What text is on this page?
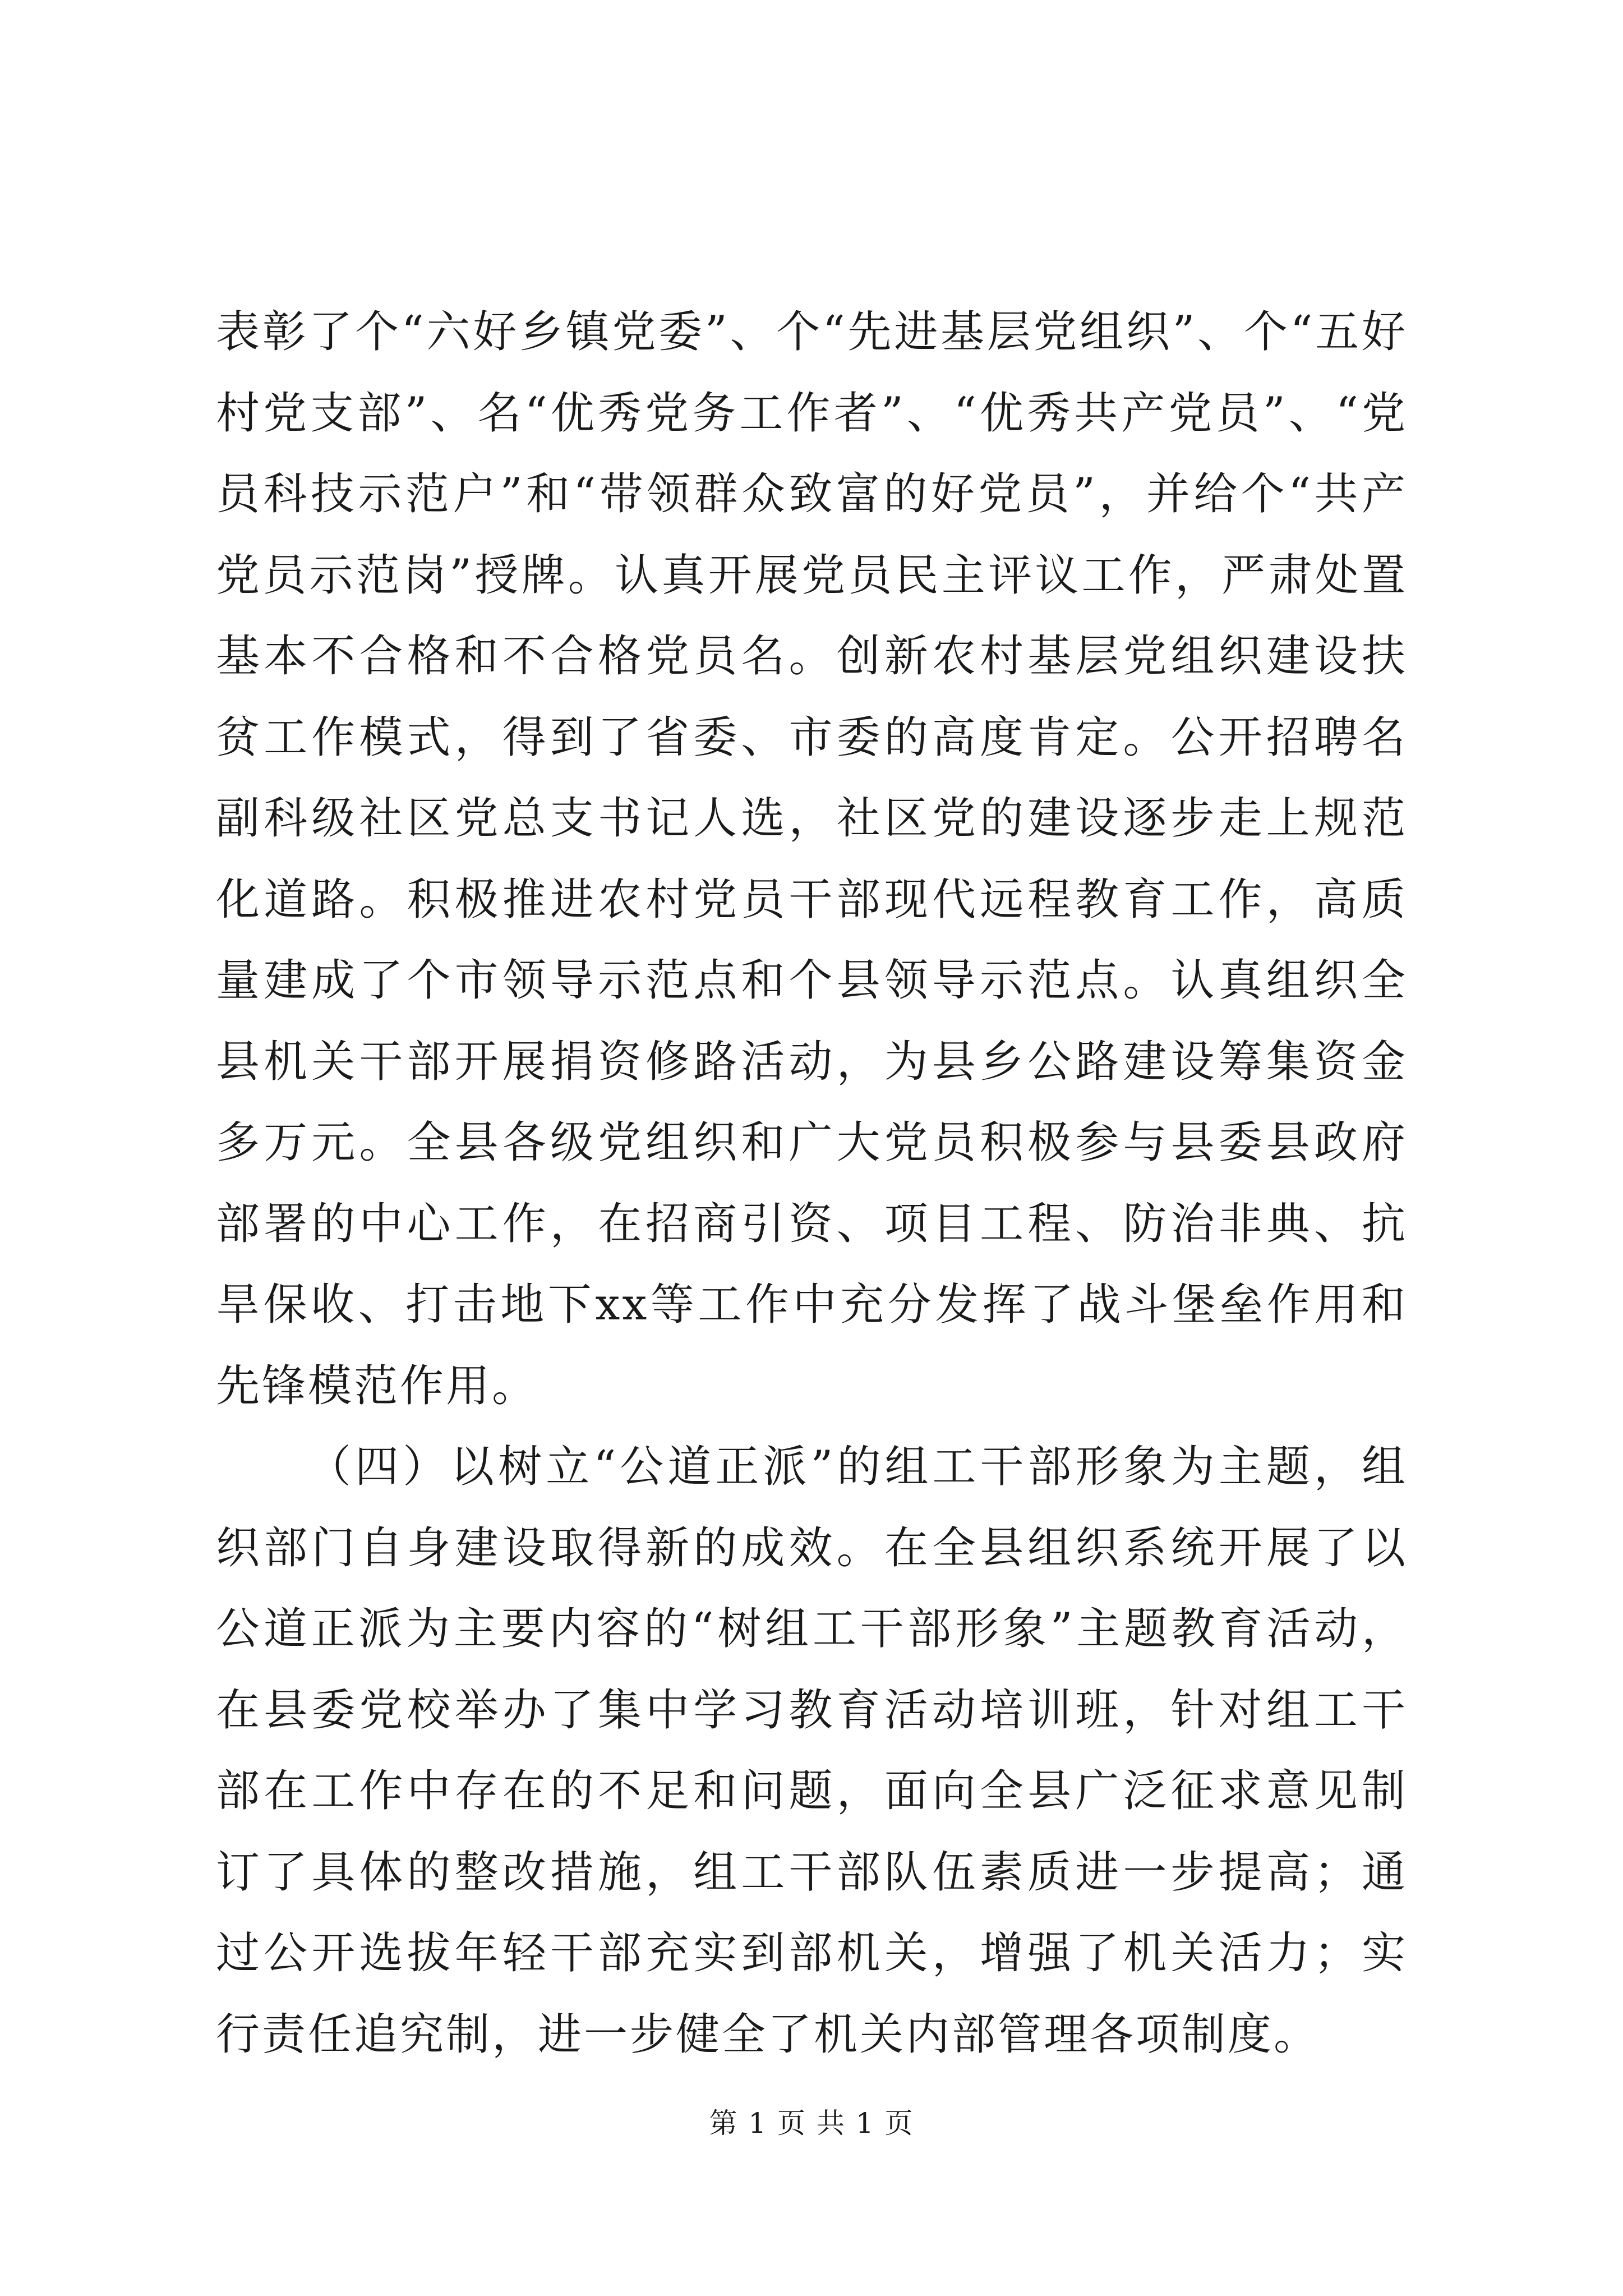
表彰了个“六好乡镇党委”、个“先进基层党组织”、个“五好村党支部”、名“优秀党务工作者”、“优秀共产党员”、“党员科技示范户”和“带领群众致富的好党员”，并给个“共产党员示范岗”授牌。认真开展党员民主评议工作，严肃处置基本不合格和不合格党员名。创新农村基层党组织建设扶贫工作模式，得到了省委、市委的高度肯定。公开招聘名副科级社区党总支书记人选，社区党的建设逐步走上规范化道路。积极推进农村党员干部现代远程教育工作，高质量建成了个市领导示范点和个县领导示范点。认真组织全县机关干部开展捐资修路活动，为县乡公路建设筹集资金多万元。全县各级党组织和广大党员积极参与县委县政府部署的中心工作，在招商引资、项目工程、防治非典、抗旱保收、打击地下xx等工作中充分发挥了战斗堡垒作用和先锋模范作用。

（四）以树立“公道正派”的组工干部形象为主题，组织部门自身建设取得新的成效。在全县组织系统开展了以公道正派为主要内容的“树组工干部形象”主题教育活动，在县委党校举办了集中学习教育活动培训班，针对组工干部在工作中存在的不足和问题，面向全县广泛征求意见制订了具体的整改措施，组工干部队伍素质进一步提高；通过公开选拔年轻干部充实到部机关，增强了机关活力；实行责任追究制，进一步健全了机关内部管理各项制度。

第 1 页 共 1 页
